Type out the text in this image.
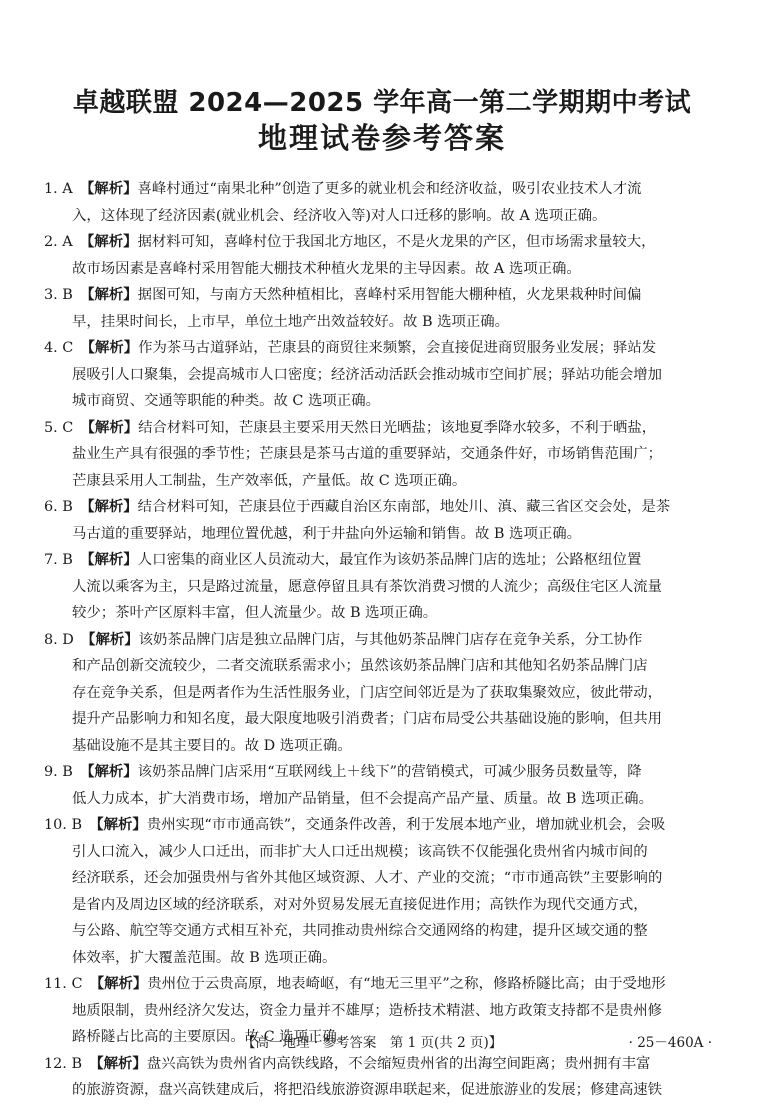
卓越联盟 2024—2025 学年高一第二学期期中考试
地理试卷参考答案
1. A　 【解析】喜峰村通过“南果北种”创造了更多的就业机会和经济收益，吸引农业技术人才流
入，这体现了经济因素(就业机会、经济收入等)对人口迁移的影响。故 A 选项正确。
2. A　 【解析】据材料可知，喜峰村位于我国北方地区，不是火龙果的产区，但市场需求量较大，
故市场因素是喜峰村采用智能大棚技术种植火龙果的主导因素。故 A 选项正确。
3. B　 【解析】据图可知，与南方天然种植相比，喜峰村采用智能大棚种植，火龙果栽种时间偏
早，挂果时间长，上市早，单位土地产出效益较好。故 B 选项正确。
4. C　 【解析】作为茶马古道驿站，芒康县的商贸往来频繁，会直接促进商贸服务业发展；驿站发
展吸引人口聚集，会提高城市人口密度；经济活动活跃会推动城市空间扩展；驿站功能会增加
城市商贸、交通等职能的种类。故 C 选项正确。
5. C　 【解析】结合材料可知，芒康县主要采用天然日光晒盐；该地夏季降水较多，不利于晒盐，
盐业生产具有很强的季节性；芒康县是茶马古道的重要驿站，交通条件好，市场销售范围广；
芒康县采用人工制盐，生产效率低，产量低。故 C 选项正确。
6. B　 【解析】结合材料可知，芒康县位于西藏自治区东南部，地处川、滇、藏三省区交会处，是茶
马古道的重要驿站，地理位置优越，利于井盐向外运输和销售。故 B 选项正确。
7. B　 【解析】人口密集的商业区人员流动大，最宜作为该奶茶品牌门店的选址；公路枢纽位置
人流以乘客为主，只是路过流量，愿意停留且具有茶饮消费习惯的人流少；高级住宅区人流量
较少；茶叶产区原料丰富，但人流量少。故 B 选项正确。
8. D　 【解析】该奶茶品牌门店是独立品牌门店，与其他奶茶品牌门店存在竞争关系，分工协作
和产品创新交流较少，二者交流联系需求小；虽然该奶茶品牌门店和其他知名奶茶品牌门店
存在竞争关系，但是两者作为生活性服务业，门店空间邻近是为了获取集聚效应，彼此带动，
提升产品影响力和知名度，最大限度地吸引消费者；门店布局受公共基础设施的影响，但共用
基础设施不是其主要目的。故 D 选项正确。
9. B　 【解析】该奶茶品牌门店采用“互联网线上＋线下”的营销模式，可减少服务员数量等，降
低人力成本，扩大消费市场，增加产品销量，但不会提高产品产量、质量。故 B 选项正确。
10. B　 【解析】贵州实现“市市通高铁”，交通条件改善，利于发展本地产业，增加就业机会，会吸
引人口流入，减少人口迁出，而非扩大人口迁出规模；该高铁不仅能强化贵州省内城市间的
经济联系，还会加强贵州与省外其他区域资源、人才、产业的交流；“市市通高铁”主要影响的
是省内及周边区域的经济联系，对对外贸易发展无直接促进作用；高铁作为现代交通方式，
与公路、航空等交通方式相互补充，共同推动贵州综合交通网络的构建，提升区域交通的整
体效率，扩大覆盖范围。故 B 选项正确。
11. C　 【解析】贵州位于云贵高原，地表崎岖，有“地无三里平”之称，修路桥隧比高；由于受地形
地质限制，贵州经济欠发达，资金力量并不雄厚；造桥技术精湛、地方政策支持都不是贵州修
路桥隧占比高的主要原因。故 C 选项正确。
12. B　 【解析】盘兴高铁为贵州省内高铁线路，不会缩短贵州省的出海空间距离；贵州拥有丰富
的旅游资源，盘兴高铁建成后，将把沿线旅游资源串联起来，促进旅游业的发展；修建高速铁
【高一地理 · 参考答案　第 1 页(共 2 页)】	· 25－460A ·
